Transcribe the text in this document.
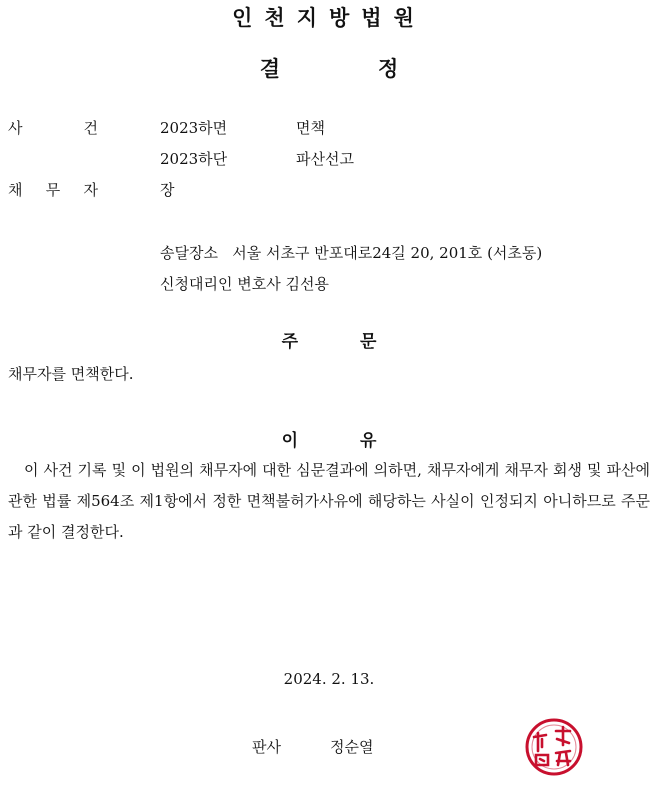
인천지방법원
결	정
사	건	2023하면	면책
2023하단	파산선고
채 무 자	장
송달장소   서울 서초구 반포대로24길 20, 201호 (서초동)
신청대리인 변호사 김선용
주	문
채무자를 면책한다.
이	유
이 사건 기록 및 이 법원의 채무자에 대한 심문결과에 의하면, 채무자에게 채무자 회생 및 파산에 관한 법률 제564조 제1항에서 정한 면책불허가사유에 해당하는 사실이 인정되지 아니하므로 주문과 같이 결정한다.
2024. 2. 13.
판사	정순열
